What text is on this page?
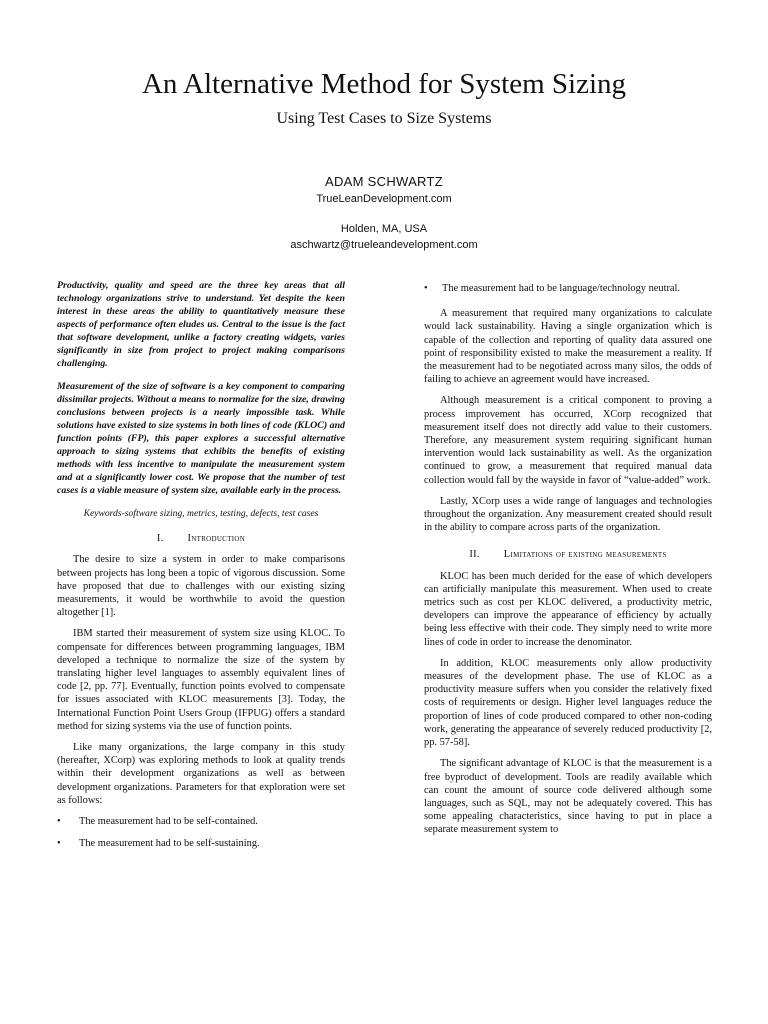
An Alternative Method for System Sizing
Using Test Cases to Size Systems
ADAM SCHWARTZ
TrueLeanDevelopment.com
Holden, MA, USA
aschwartz@trueleandevelopment.com

Productivity, quality and speed are the three key areas that all technology organizations strive to understand. Yet despite the keen interest in these areas the ability to quantitatively measure these aspects of performance often eludes us. Central to the issue is the fact that software development, unlike a factory creating widgets, varies significantly in size from project to project making comparisons challenging.

Measurement of the size of software is a key component to comparing dissimilar projects. Without a means to normalize for the size, drawing conclusions between projects is a nearly impossible task. While solutions have existed to size systems in both lines of code (KLOC) and function points (FP), this paper explores a successful alternative approach to sizing systems that exhibits the benefits of existing methods with less incentive to manipulate the measurement system and at a significantly lower cost. We propose that the number of test cases is a viable measure of system size, available early in the process.

Keywords-software sizing, metrics, testing, defects, test cases

I. Introduction

The desire to size a system in order to make comparisons between projects has long been a topic of vigorous discussion. Some have proposed that due to challenges with our existing sizing measurements, it would be worthwhile to avoid the question altogether [1].

IBM started their measurement of system size using KLOC. To compensate for differences between programming languages, IBM developed a technique to normalize the size of the system by translating higher level languages to assembly equivalent lines of code [2, pp. 77]. Eventually, function points evolved to compensate for issues associated with KLOC measurements [3]. Today, the International Function Point Users Group (IFPUG) offers a standard method for sizing systems via the use of function points.

Like many organizations, the large company in this study (hereafter, XCorp) was exploring methods to look at quality trends within their development organizations as well as between development organizations. Parameters for that exploration were set as follows:

• The measurement had to be self-contained.
• The measurement had to be self-sustaining.
• The measurement had to be language/technology neutral.

A measurement that required many organizations to calculate would lack sustainability. Having a single organization which is capable of the collection and reporting of quality data assured one point of responsibility existed to make the measurement a reality. If the measurement had to be negotiated across many silos, the odds of failing to achieve an agreement would have increased.

Although measurement is a critical component to proving a process improvement has occurred, XCorp recognized that measurement itself does not directly add value to their customers. Therefore, any measurement system requiring significant human intervention would lack sustainability as well. As the organization continued to grow, a measurement that required manual data collection would fall by the wayside in favor of “value-added” work.

Lastly, XCorp uses a wide range of languages and technologies throughout the organization. Any measurement created should result in the ability to compare across parts of the organization.

II. Limitations of existing measurements

KLOC has been much derided for the ease of which developers can artificially manipulate this measurement. When used to create metrics such as cost per KLOC delivered, a productivity metric, developers can improve the appearance of efficiency by actually being less effective with their code. They simply need to write more lines of code in order to increase the denominator.

In addition, KLOC measurements only allow productivity measures of the development phase. The use of KLOC as a productivity measure suffers when you consider the relatively fixed costs of requirements or design. Higher level languages reduce the proportion of lines of code produced compared to other non-coding work, generating the appearance of severely reduced productivity [2, pp. 57-58].

The significant advantage of KLOC is that the measurement is a free byproduct of development. Tools are readily available which can count the amount of source code delivered although some languages, such as SQL, may not be adequately covered. This has some appealing characteristics, since having to put in place a separate measurement system to
